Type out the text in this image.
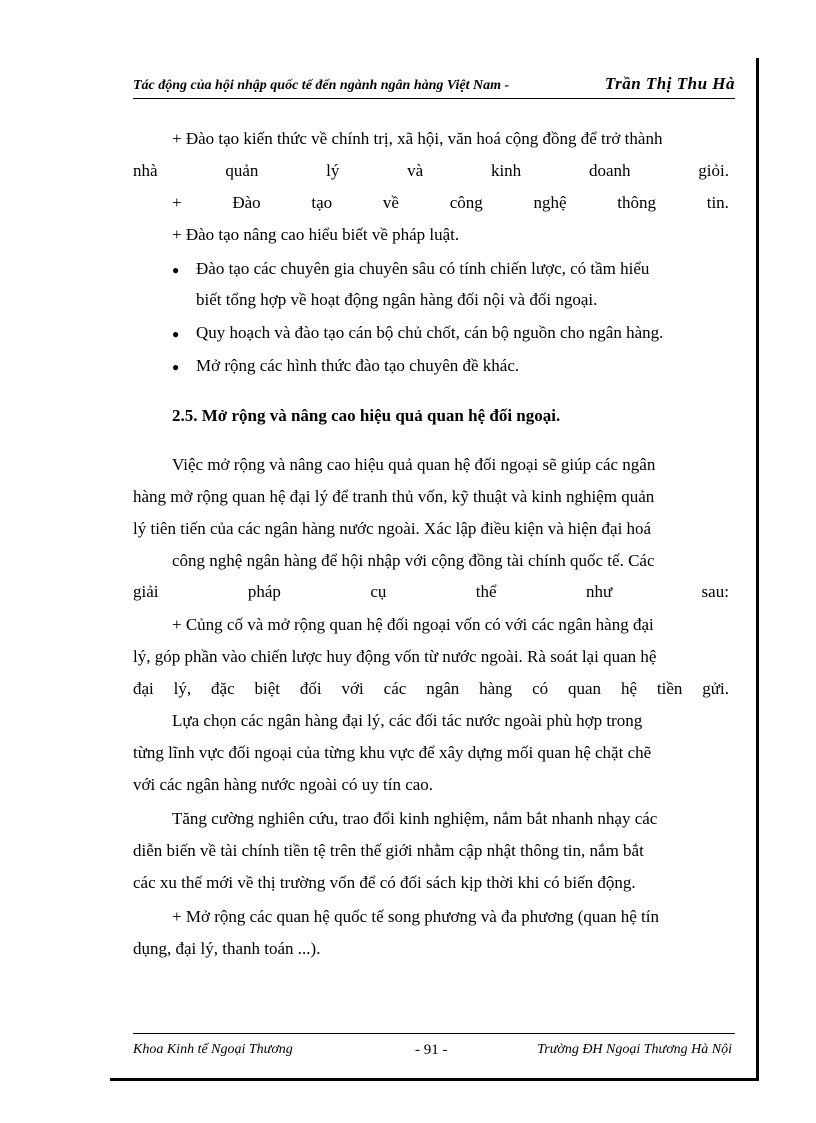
Tác động của hội nhập quốc tế đến ngành ngân hàng Việt Nam -	Trần Thị Thu Hà
+ Đào tạo kiến thức về chính trị, xã hội, văn hoá cộng đồng để trở thành
nhà	quản	lý	và	kinh	doanh	giỏi.
+	Đào	tạo	về	công	nghệ	thông	tin.
+ Đào tạo nâng cao hiểu biết về pháp luật.
● Đào tạo các chuyên gia chuyên sâu có tính chiến lược, có tầm hiểu
biết tổng hợp về hoạt động ngân hàng đối nội và đối ngoại.
● Quy hoạch và đào tạo cán bộ chủ chốt, cán bộ nguồn cho ngân hàng.
● Mở rộng các hình thức đào tạo chuyên đề khác.
2.5. Mở rộng và nâng cao hiệu quả quan hệ đối ngoại.
Việc mở rộng và nâng cao hiệu quả quan hệ đối ngoại sẽ giúp các ngân
hàng mở rộng quan hệ đại lý để tranh thủ vốn, kỹ thuật và kinh nghiệm quản
lý tiên tiến của các ngân hàng nước ngoài. Xác lập điều kiện và hiện đại hoá
công nghệ ngân hàng để hội nhập với cộng đồng tài chính quốc tế. Các
giải	pháp	cụ	thể	như	sau:
+ Củng cố và mở rộng quan hệ đối ngoại vốn có với các ngân hàng đại
lý, góp phần vào chiến lược huy động vốn từ nước ngoài. Rà soát lại quan hệ
đại lý, đặc biệt đối với các ngân hàng có quan hệ tiền gửi.
Lựa chọn các ngân hàng đại lý, các đối tác nước ngoài phù hợp trong
từng lĩnh vực đối ngoại của từng khu vực để xây dựng mối quan hệ chặt chẽ
với các ngân hàng nước ngoài có uy tín cao.
Tăng cường nghiên cứu, trao đổi kinh nghiệm, nắm bắt nhanh nhạy các
diễn biến về tài chính tiền tệ trên thế giới nhằm cập nhật thông tin, nắm bắt
các xu thế mới về thị trường vốn để có đối sách kịp thời khi có biến động.
+ Mở rộng các quan hệ quốc tế song phương và đa phương (quan hệ tín
dụng, đại lý, thanh toán ...).
Khoa Kinh tế Ngoại Thương	- 91 -	Trường ĐH Ngoại Thương Hà Nội
